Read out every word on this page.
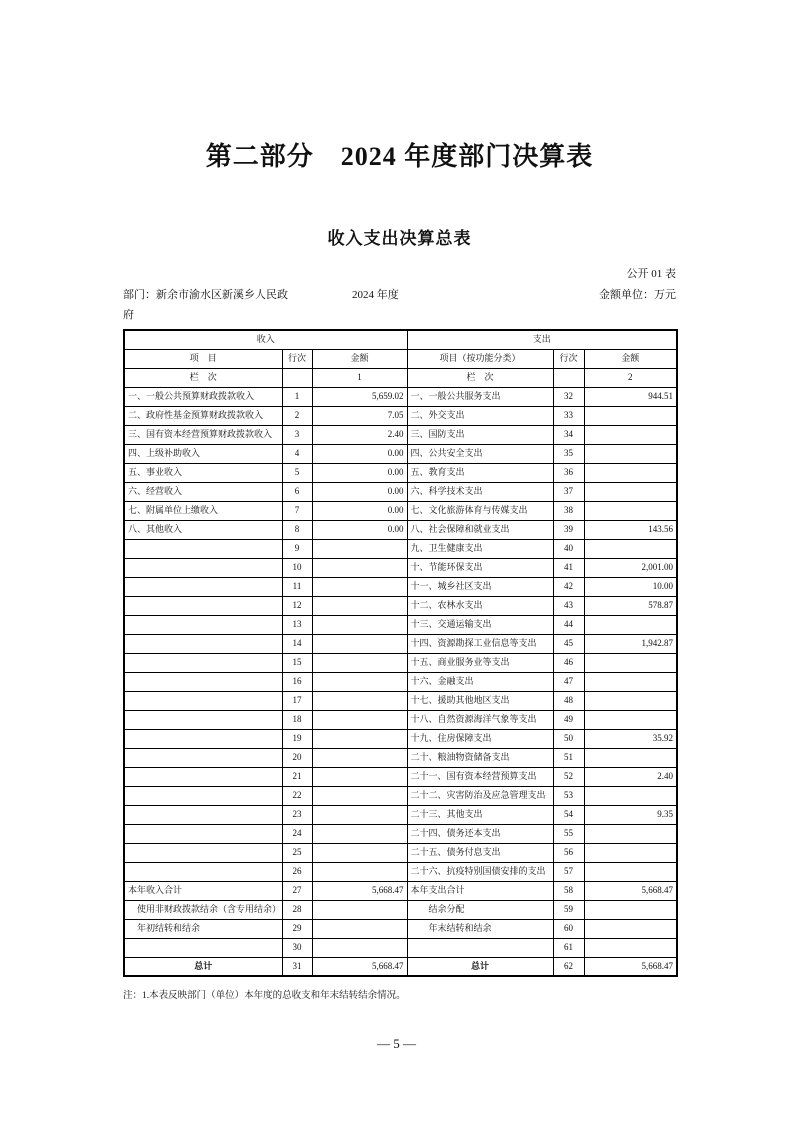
第二部分　2024 年度部门决算表
收入支出决算总表
公开 01 表
部门：新余市渝水区新溪乡人民政府
2024 年度	金额单位：万元
收入			支出		
项　目	行次	金额	项目（按功能分类）	行次	金额
栏　次		1	栏　次		2
一、一般公共预算财政拨款收入	1	5,659.02	一、一般公共服务支出	32	944.51
二、政府性基金预算财政拨款收入	2	7.05	二、外交支出	33	
三、国有资本经营预算财政拨款收入	3	2.40	三、国防支出	34	
四、上级补助收入	4	0.00	四、公共安全支出	35	
五、事业收入	5	0.00	五、教育支出	36	
六、经营收入	6	0.00	六、科学技术支出	37	
七、附属单位上缴收入	7	0.00	七、文化旅游体育与传媒支出	38	
八、其他收入	8	0.00	八、社会保障和就业支出	39	143.56
	9		九、卫生健康支出	40	
	10		十、节能环保支出	41	2,001.00
	11		十一、城乡社区支出	42	10.00
	12		十二、农林水支出	43	578.87
	13		十三、交通运输支出	44	
	14		十四、资源勘探工业信息等支出	45	1,942.87
	15		十五、商业服务业等支出	46	
	16		十六、金融支出	47	
	17		十七、援助其他地区支出	48	
	18		十八、自然资源海洋气象等支出	49	
	19		十九、住房保障支出	50	35.92
	20		二十、粮油物资储备支出	51	
	21		二十一、国有资本经营预算支出	52	2.40
	22		二十二、灾害防治及应急管理支出	53	
	23		二十三、其他支出	54	9.35
	24		二十四、债务还本支出	55	
	25		二十五、债务付息支出	56	
	26		二十六、抗疫特别国债安排的支出	57	
本年收入合计	27	5,668.47	本年支出合计	58	5,668.47
　使用非财政拨款结余（含专用结余）	28		　　结余分配	59	
　年初结转和结余	29		　　年末结转和结余	60	
	30			61	
总计	31	5,668.47	总计	62	5,668.47
注：1.本表反映部门（单位）本年度的总收支和年末结转结余情况。
— 5 —
